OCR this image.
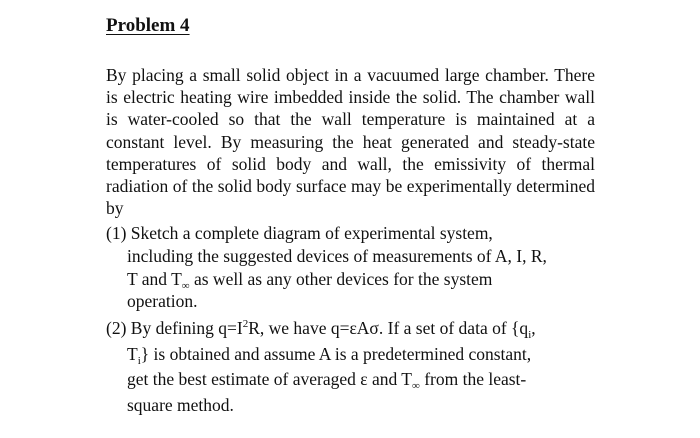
Problem 4

By placing a small solid object in a vacuumed large chamber. There is electric heating wire imbedded inside the solid. The chamber wall is water-cooled so that the wall temperature is maintained at a constant level. By measuring the heat generated and steady-state temperatures of solid body and wall, the emissivity of thermal radiation of the solid body surface may be experimentally determined by

(1) Sketch a complete diagram of experimental system,
including the suggested devices of measurements of A, I, R,
T and $T_\infty$ as well as any other devices for the system
operation.
(2) By defining $q=I^2R$, we have q=εAσ. If a set of data of {$q_i$,
$T_i$} is obtained and assume A is a predetermined constant,
get the best estimate of averaged ε and $T_\infty$ from the least-
square method.
